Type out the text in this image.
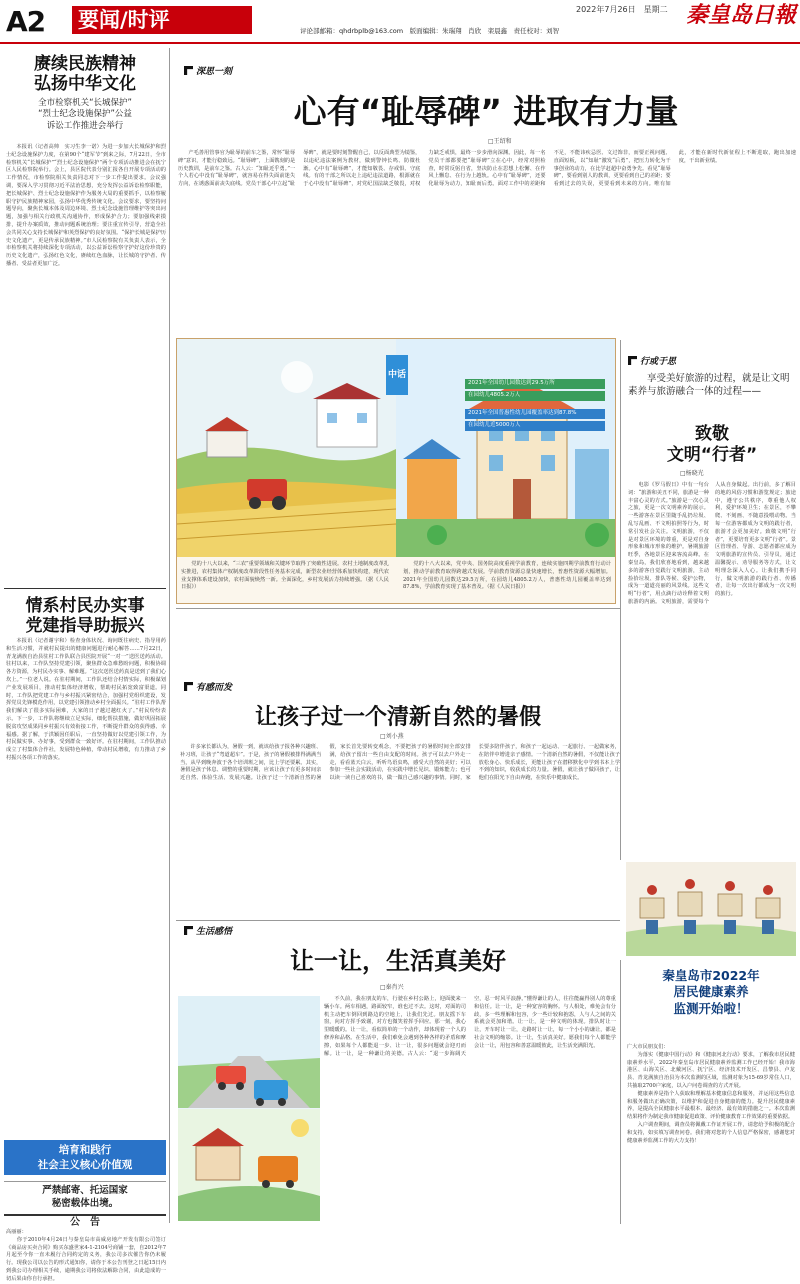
A2 要闻/时评	2022年7月26日　星期二 秦皇岛日報
评论部邮箱：qhdrbplb@163.com　版面编辑：朱瑞翔　肖欣　栾晨鑫　责任校对：刘智
赓续民族精神
弘扬中华文化
全市检察机关“长城保护”
“烈士纪念设施保护”公益
诉讼工作推进会举行

本报讯（记者高帅　实习生李一诺）为进一步加大长城保护和烈士纪念设施保护力度，在第90个“建军节”到来之际，7月22日，全市检察机关“长城保护”“烈士纪念设施保护”两个专项活动推进会在抚宁区人民检察院举行。会上，县区院代表分别汇报各自开展专项活动的工作情况，市检察院相关负责同志对下一步工作提出要求。会议强调，要深入学习贯彻习近平法治思想，充分发挥公益诉讼检察职能，把长城保护、烈士纪念设施保护作为服务大局的重要抓手，以检察履职守护民族精神家园，弘扬中华优秀传统文化。会议要求，要坚持问题导向，聚焦长城本体及周边环境、烈士纪念设施管理维护等突出问题，加强与相关行政机关沟通协作，形成保护合力；要加强线索摸排，提升办案质效，推动问题系统治理；要注重宣传引导，营造全社会共同关心支持长城保护和英烈保护的良好氛围。“保护长城是保护历史文化遗产，更是传承民族精神。”市人民检察院有关负责人表示，全市检察机关将持续深化专项活动，以公益诉讼检察守护好这份珍贵的历史文化遗产，弘扬红色文化，赓续红色血脉，让长城的守护者、传播者、受益者更加广泛。

情系村民办实事
党建指导助振兴

本报讯（记者谢宇和）检查身体状况、询问既往病史、指导用药和生活习惯，并就村民提出的健康问题进行耐心解答……7月22日，青龙满族自治县驻村工作队联合县医院开展“一对一”送医送药活动。驻村以来，工作队坚持党建引领，聚焦群众急难愁盼问题，积极协调各方资源，为村民办实事、解难题。“这次送医送药真是送到了我们心坎上。”一位老人说。在驻村期间，工作队还结合村情实际，积极谋划产业发展项目，推动村集体经济增收，帮助村民拓宽致富渠道。同时，工作队把党建工作与乡村振兴紧密结合，加强村党组织建设，发挥党员先锋模范作用，以党建引领推动乡村全面振兴。“驻村工作队帮我们解决了很多实际困难，大家的日子越过越红火了。”村民纷纷表示。下一步，工作队将继续立足实际，细化帮扶措施，做好巩固拓展脱贫攻坚成果同乡村振兴有效衔接工作，不断提升群众的获得感、幸福感。据了解，于洪颖因任职后，一直坚持做好以党建引领工作，为村民做实事、办好事，受到群众一致好评。在驻村期间，工作队推动成立了村集体合作社，发展特色种植，带动村民增收，有力推动了乡村振兴各项工作的落实。

培育和践行
社会主义核心价值观
严禁邮寄、托运国家
秘密载体出境。
公　告
高丽丽：
　　你于2010年4月24日与秦皇岛市高威房地产开发有限公司签订《商品房买卖合同》购买东盛世家4-1-2104号商铺一套，自2012年7月起至今你一直未履行合同约定的义务，我公司多次催告你仍未履行。现我公司以公告的形式通知你，请你于本公告刊登之日起15日内到我公司办理相关手续，逾期我公司将依法解除合同，由此造成的一切后果由你自行承担。
深思一刻
心有“耻辱碑” 进取有力量
□王绍和

产毛善用管事官为耻辱的前车之鉴，常怀“耻辱碑”意识，才能行稳致远。“耻辱碑”，上面镌刻的是历史教训，是前车之鉴。古人云：“知耻近乎勇。”一个人若心中没有“耻辱碑”，就容易在得失面前迷失方向，在诱惑面前丧失底线。党员干部心中立起“耻辱碑”，就是要时刻警醒自己，以反面典型为镜鉴，以违纪违法案例为教材，做到警钟长鸣、防微杜渐。心中有“耻辱碑”，才能知敬畏、存戒惧、守底线。有的干部之所以走上违纪违法道路，根源就在于心中没有“耻辱碑”，对党纪国法缺乏敬畏，对权力缺乏戒惧，最终一步步滑向深渊。因此，每一名党员干部都要把“耻辱碑”立在心中，经常对照检查，时常反躬自省，坚决防止在思想上松懈、在作风上懈怠、在行为上越轨。心中有“耻辱碑”，还要化耻辱为动力，知耻而后勇。面对工作中的差距和不足，不能讳疾忌医、文过饰非，而要正视问题、直面短板，以“知耻”激发“后勇”，把压力转化为干事创业的动力，在比学赶超中奋勇争先。看见“耻辱碑”，要看到别人的教训，更要看到自己的差距；要看到过去的失误，更要看到未来的方向。唯有如此，才能在新时代新征程上不断进取，跑出加速度，干出新业绩。

中话
2021年全国幼儿园数达到29.5万所
在园幼儿4805.2万人
2021年全国普惠性幼儿园覆盖率达到87.8%
在园幼儿近5000万人

党的十八大以来，“三农”重要领域和关键环节取得了突破性进展。农村土地制度改革扎实推进，农村集体产权制度改革阶段性任务基本完成，新型农业经营体系加快构建，现代农业支撑体系建设加快，农村面貌焕然一新。全面深化，乡村发展活力持续增强。（据《人民日报》）

党的十八大以来，党中央、国务院高度重视学前教育，连续实施四期学前教育行动计划，推动学前教育取得跨越式发展。学前教育资源总量快速增长，普惠性资源大幅增加。2021年全国幼儿园数达29.5万所，在园幼儿4805.2万人，普惠性幼儿园覆盖率达到87.8%，学前教育实现了基本普及。（据《人民日报》）

行或于思
享受美好旅游的过程，就是让文明素养与旅游融合一体的过程——
致敬
文明“行者”
□杨晓光

电影《罗马假日》中有一句台词：“旅游和美丑不同，旅游是一种丰富心灵的方式。”旅游是一次心灵之旅，更是一次文明素养的展示。一些游客在景区里随手乱扔垃圾、乱写乱画、不文明拍照等行为，时常引发社会关注。文明旅游，不仅是对景区环境的尊重，更是对自身形象和城市形象的维护。暑期旅游旺季，各地景区迎来客流高峰。在秦皇岛，我们欣喜地看到，越来越多的游客自觉践行文明旅游，主动捡拾垃圾、排队等候、爱护公物，成为一道道亮丽的风景线。这些文明“行者”，用点滴行动诠释着文明旅游的内涵。文明旅游，需要每个人从自身做起。出行前，多了解目的地的风俗习惯和游览规定；旅途中，遵守公共秩序，尊重他人权利，爱护环境卫生；在景区，不攀爬、不刻画、不随意投喂动物。当每一位游客都成为文明的践行者，旅游才会更加美好。致敬文明“行者”，更要培育更多文明“行者”。景区管理者、导游、志愿者都应成为文明旅游的宣传员、引导员，通过温馨提示、劝导服务等方式，让文明理念深入人心。让我们携手同行，做文明旅游的践行者、传播者，让每一次出行都成为一次文明的旅行。

有感而发
让孩子过一个清新自然的暑假
□刘小燕

许多家长都认为，暑假一到，就该给孩子报各种兴趣班、补习班，让孩子“弯道超车”。于是，孩子的暑假被排得满满当当，从早到晚奔波于各个培训班之间，比上学还要累。其实，暑假是孩子休息、调整的重要时期，应该让孩子有更多时间亲近自然、体验生活、发展兴趣。让孩子过一个清新自然的暑假，家长首先要转变观念，不要把孩子的暑假时间全部安排满，给孩子留出一些自由支配的时间。孩子可以去户外走一走，看看蓝天白云，听听鸟语虫鸣，感受大自然的美好；可以参加一些社会实践活动，在实践中增长见识、锻炼能力；也可以读一读自己喜欢的书，做一做自己感兴趣的事情。同时，家长要多陪伴孩子，和孩子一起运动、一起旅行、一起做家务，在陪伴中增进亲子感情。一个清新自然的暑假，不仅能让孩子放松身心、快乐成长，更能让孩子在潜移默化中学到书本上学不到的知识，收获成长的力量。暑假，就让孩子做回孩子，让他们在阳光下自由奔跑，在快乐中健康成长。

生活感悟
让一让，生活真美好
□秦肖兴

不久前，我在朋友的车，行驶在乡村公路上，迎面驶来一辆小车。两车相遇，路面较窄，谁也过不去。这时，对面的司机主动把车倒回到路边的空地上，让我们先过。朋友摇下车窗，向对方挥手致谢，对方也微笑着挥手回应。那一刻，我心里暖暖的。让一让，看似简单的一个动作，却体现着一个人的修养和品格。在生活中，我们难免会遇到各种各样的矛盾和摩擦，如果每个人都能退一步、让一让，很多问题就会迎刃而解。让一让，是一种谦让的美德。古人云：“退一步海阔天空，忍一时风平浪静。”懂得谦让的人，往往能赢得别人的尊重和信任。让一让，是一种宽容的胸怀。与人相处，难免会有分歧，多一些理解和包容，少一些计较和抱怨，人与人之间的关系就会更加和谐。让一让，是一种文明的体现。排队时让一让，开车时让一让，走路时让一让，每一个小小的谦让，都是社会文明的缩影。让一让，生活真美好。愿我们每个人都能学会让一让，用包容和善意温暖彼此，让生活充满阳光。

秦皇岛市2022年
居民健康素养
监测开始啦！
广大市民朋友们：
　　为落实《健康中国行动》和《健康河北行动》要求，了解我市居民健康素养水平，2022年秦皇岛市居民健康素养监测工作已经开始！我市海港区、山海关区、北戴河区、抚宁区、经济技术开发区、昌黎县、卢龙县、青龙满族自治县为本次监测的区域，监测对象为15-69岁常住人口，共抽取2700户家庭，以入户问卷调查的方式开展。
　　健康素养是指个人获取和理解基本健康信息和服务，并运用这些信息和服务做出正确决策，以维护和促进自身健康的能力。提升居民健康素养，是提高全民健康水平最根本、最经济、最有效的措施之一。本次监测结果将作为制定我市健康促进政策、评价健康教育工作效果的重要依据。
　　入户调查期间，调查员将佩戴工作证开展工作，请您给予积极的配合和支持，如实填写调查问卷。我们将对您的个人信息严格保密，感谢您对健康素养监测工作的大力支持！
